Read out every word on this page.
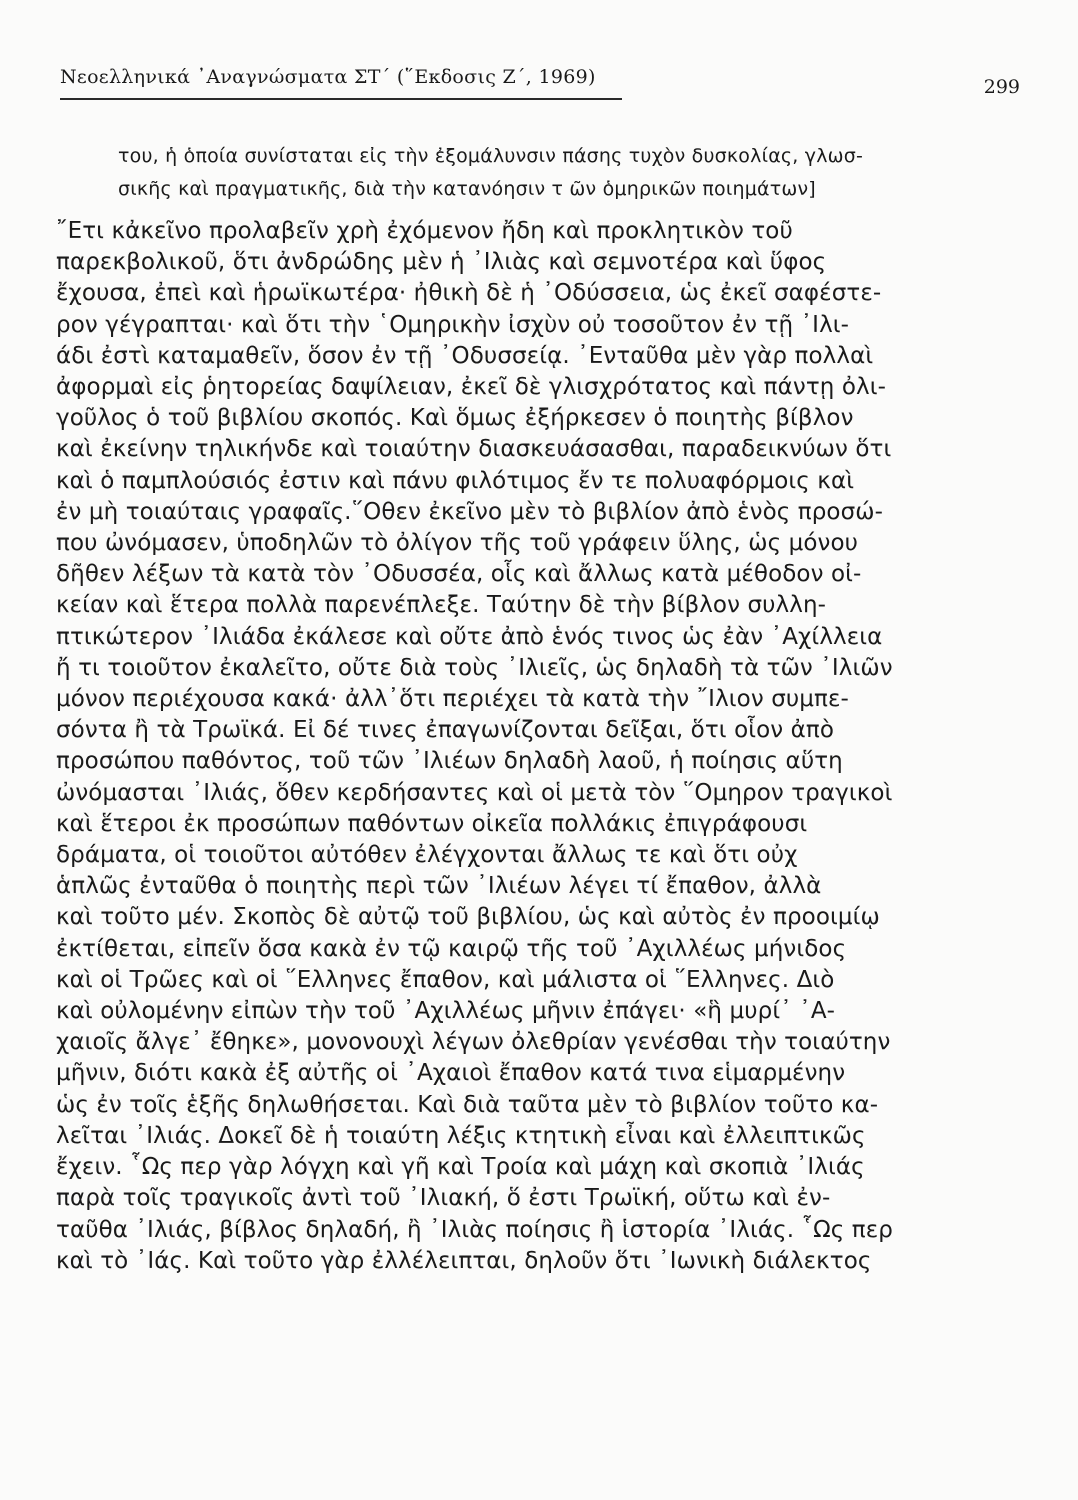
Νεοελληνικά ᾿Αναγνώσματα ΣΤ΄ (῞Εκδοσις Ζ΄, 1969)	299
του, ἡ ὁποία συνίσταται εἰς τὴν ἐξομάλυνσιν πάσης τυχὸν δυσκολίας, γλωσ-
σικῆς καὶ πραγματικῆς, διὰ τὴν κατανόησιν τ ῶν ὁμηρικῶν ποιημάτων]
῎Ετι κἀκεῖνο προλαβεῖν χρὴ ἐχόμενον ἤδη καὶ προκλητικὸν τοῦ
παρεκβολικοῦ, ὅτι ἀνδρώδης μὲν ἡ ᾿Ιλιὰς καὶ σεμνοτέρα καὶ ὕφος
ἔχουσα, ἐπεὶ καὶ ἡρωϊκωτέρα· ἠθικὴ δὲ ἡ ᾿Οδύσσεια, ὡς ἐκεῖ σαφέστε-
ρον γέγραπται· καὶ ὅτι τὴν ῾Ομηρικὴν ἰσχὺν οὐ τοσοῦτον ἐν τῇ ᾿Ιλι-
άδι ἐστὶ καταμαθεῖν, ὅσον ἐν τῇ ᾿Οδυσσείᾳ. ᾿Ενταῦθα μὲν γὰρ πολλαὶ
ἀφορμαὶ εἰς ῥητορείας δαψίλειαν, ἐκεῖ δὲ γλισχρότατος καὶ πάντῃ ὀλι-
γοῦλος ὁ τοῦ βιβλίου σκοπός. Καὶ ὅμως ἐξήρκεσεν ὁ ποιητὴς βίβλον
καὶ ἐκείνην τηλικήνδε καὶ τοιαύτην διασκευάσασθαι, παραδεικνύων ὅτι
καὶ ὁ παμπλούσιός ἐστιν καὶ πάνυ φιλότιμος ἔν τε πολυαφόρμοις καὶ
ἐν μὴ τοιαύταις γραφαῖς.῞Οθεν ἐκεῖνο μὲν τὸ βιβλίον ἀπὸ ἑνὸς προσώ-
που ὠνόμασεν, ὑποδηλῶν τὸ ὀλίγον τῆς τοῦ γράφειν ὕλης, ὡς μόνου
δῆθεν λέξων τὰ κατὰ τὸν ᾿Οδυσσέα, οἷς καὶ ἄλλως κατὰ μέθοδον οἰ-
κείαν καὶ ἕτερα πολλὰ παρενέπλεξε. Ταύτην δὲ τὴν βίβλον συλλη-
πτικώτερον ᾿Ιλιάδα ἐκάλεσε καὶ οὔτε ἀπὸ ἑνός τινος ὡς ἐὰν ᾿Αχίλλεια
ἤ τι τοιοῦτον ἐκαλεῖτο, οὔτε διὰ τοὺς ᾿Ιλιεῖς, ὡς δηλαδὴ τὰ τῶν ᾿Ιλιῶν
μόνον περιέχουσα κακά· ἀλλ᾿ὅτι περιέχει τὰ κατὰ τὴν ῎Ιλιον συμπε-
σόντα ἢ τὰ Τρωϊκά. Εἰ δέ τινες ἐπαγωνίζονται δεῖξαι, ὅτι οἷον ἀπὸ
προσώπου παθόντος, τοῦ τῶν ᾿Ιλιέων δηλαδὴ λαοῦ, ἡ ποίησις αὕτη
ὠνόμασται ᾿Ιλιάς, ὅθεν κερδήσαντες καὶ οἱ μετὰ τὸν ῞Ομηρον τραγικοὶ
καὶ ἕτεροι ἐκ προσώπων παθόντων οἰκεῖα πολλάκις ἐπιγράφουσι
δράματα, οἱ τοιοῦτοι αὐτόθεν ἐλέγχονται ἄλλως τε καὶ ὅτι οὐχ
ἁπλῶς ἐνταῦθα ὁ ποιητὴς περὶ τῶν ᾿Ιλιέων λέγει τί ἔπαθον, ἀλλὰ
καὶ τοῦτο μέν. Σκοπὸς δὲ αὐτῷ τοῦ βιβλίου, ὡς καὶ αὐτὸς ἐν προοιμίῳ
ἐκτίθεται, εἰπεῖν ὅσα κακὰ ἐν τῷ καιρῷ τῆς τοῦ ᾿Αχιλλέως μήνιδος
καὶ οἱ Τρῶες καὶ οἱ ῞Ελληνες ἔπαθον, καὶ μάλιστα οἱ ῞Ελληνες. Διὸ
καὶ οὐλομένην εἰπὼν τὴν τοῦ ᾿Αχιλλέως μῆνιν ἐπάγει· «ἣ μυρί᾿ ᾿Α-
χαιοῖς ἄλγε᾿ ἔθηκε», μονονουχὶ λέγων ὀλεθρίαν γενέσθαι τὴν τοιαύτην
μῆνιν, διότι κακὰ ἐξ αὐτῆς οἱ ᾿Αχαιοὶ ἔπαθον κατά τινα εἱμαρμένην
ὡς ἐν τοῖς ἑξῆς δηλωθήσεται. Καὶ διὰ ταῦτα μὲν τὸ βιβλίον τοῦτο κα-
λεῖται ᾿Ιλιάς. Δοκεῖ δὲ ἡ τοιαύτη λέξις κτητικὴ εἶναι καὶ ἐλλειπτικῶς
ἔχειν. ῟Ως περ γὰρ λόγχη καὶ γῆ καὶ Τροία καὶ μάχη καὶ σκοπιὰ ᾿Ιλιάς
παρὰ τοῖς τραγικοῖς ἀντὶ τοῦ ᾿Ιλιακή, ὅ ἐστι Τρωϊκή, οὕτω καὶ ἐν-
ταῦθα ᾿Ιλιάς, βίβλος δηλαδή, ἢ ᾿Ιλιὰς ποίησις ἢ ἱστορία ᾿Ιλιάς. ῟Ως περ
καὶ τὸ ᾿Ιάς. Καὶ τοῦτο γὰρ ἐλλέλειπται, δηλοῦν ὅτι ᾿Ιωνικὴ διάλεκτος
